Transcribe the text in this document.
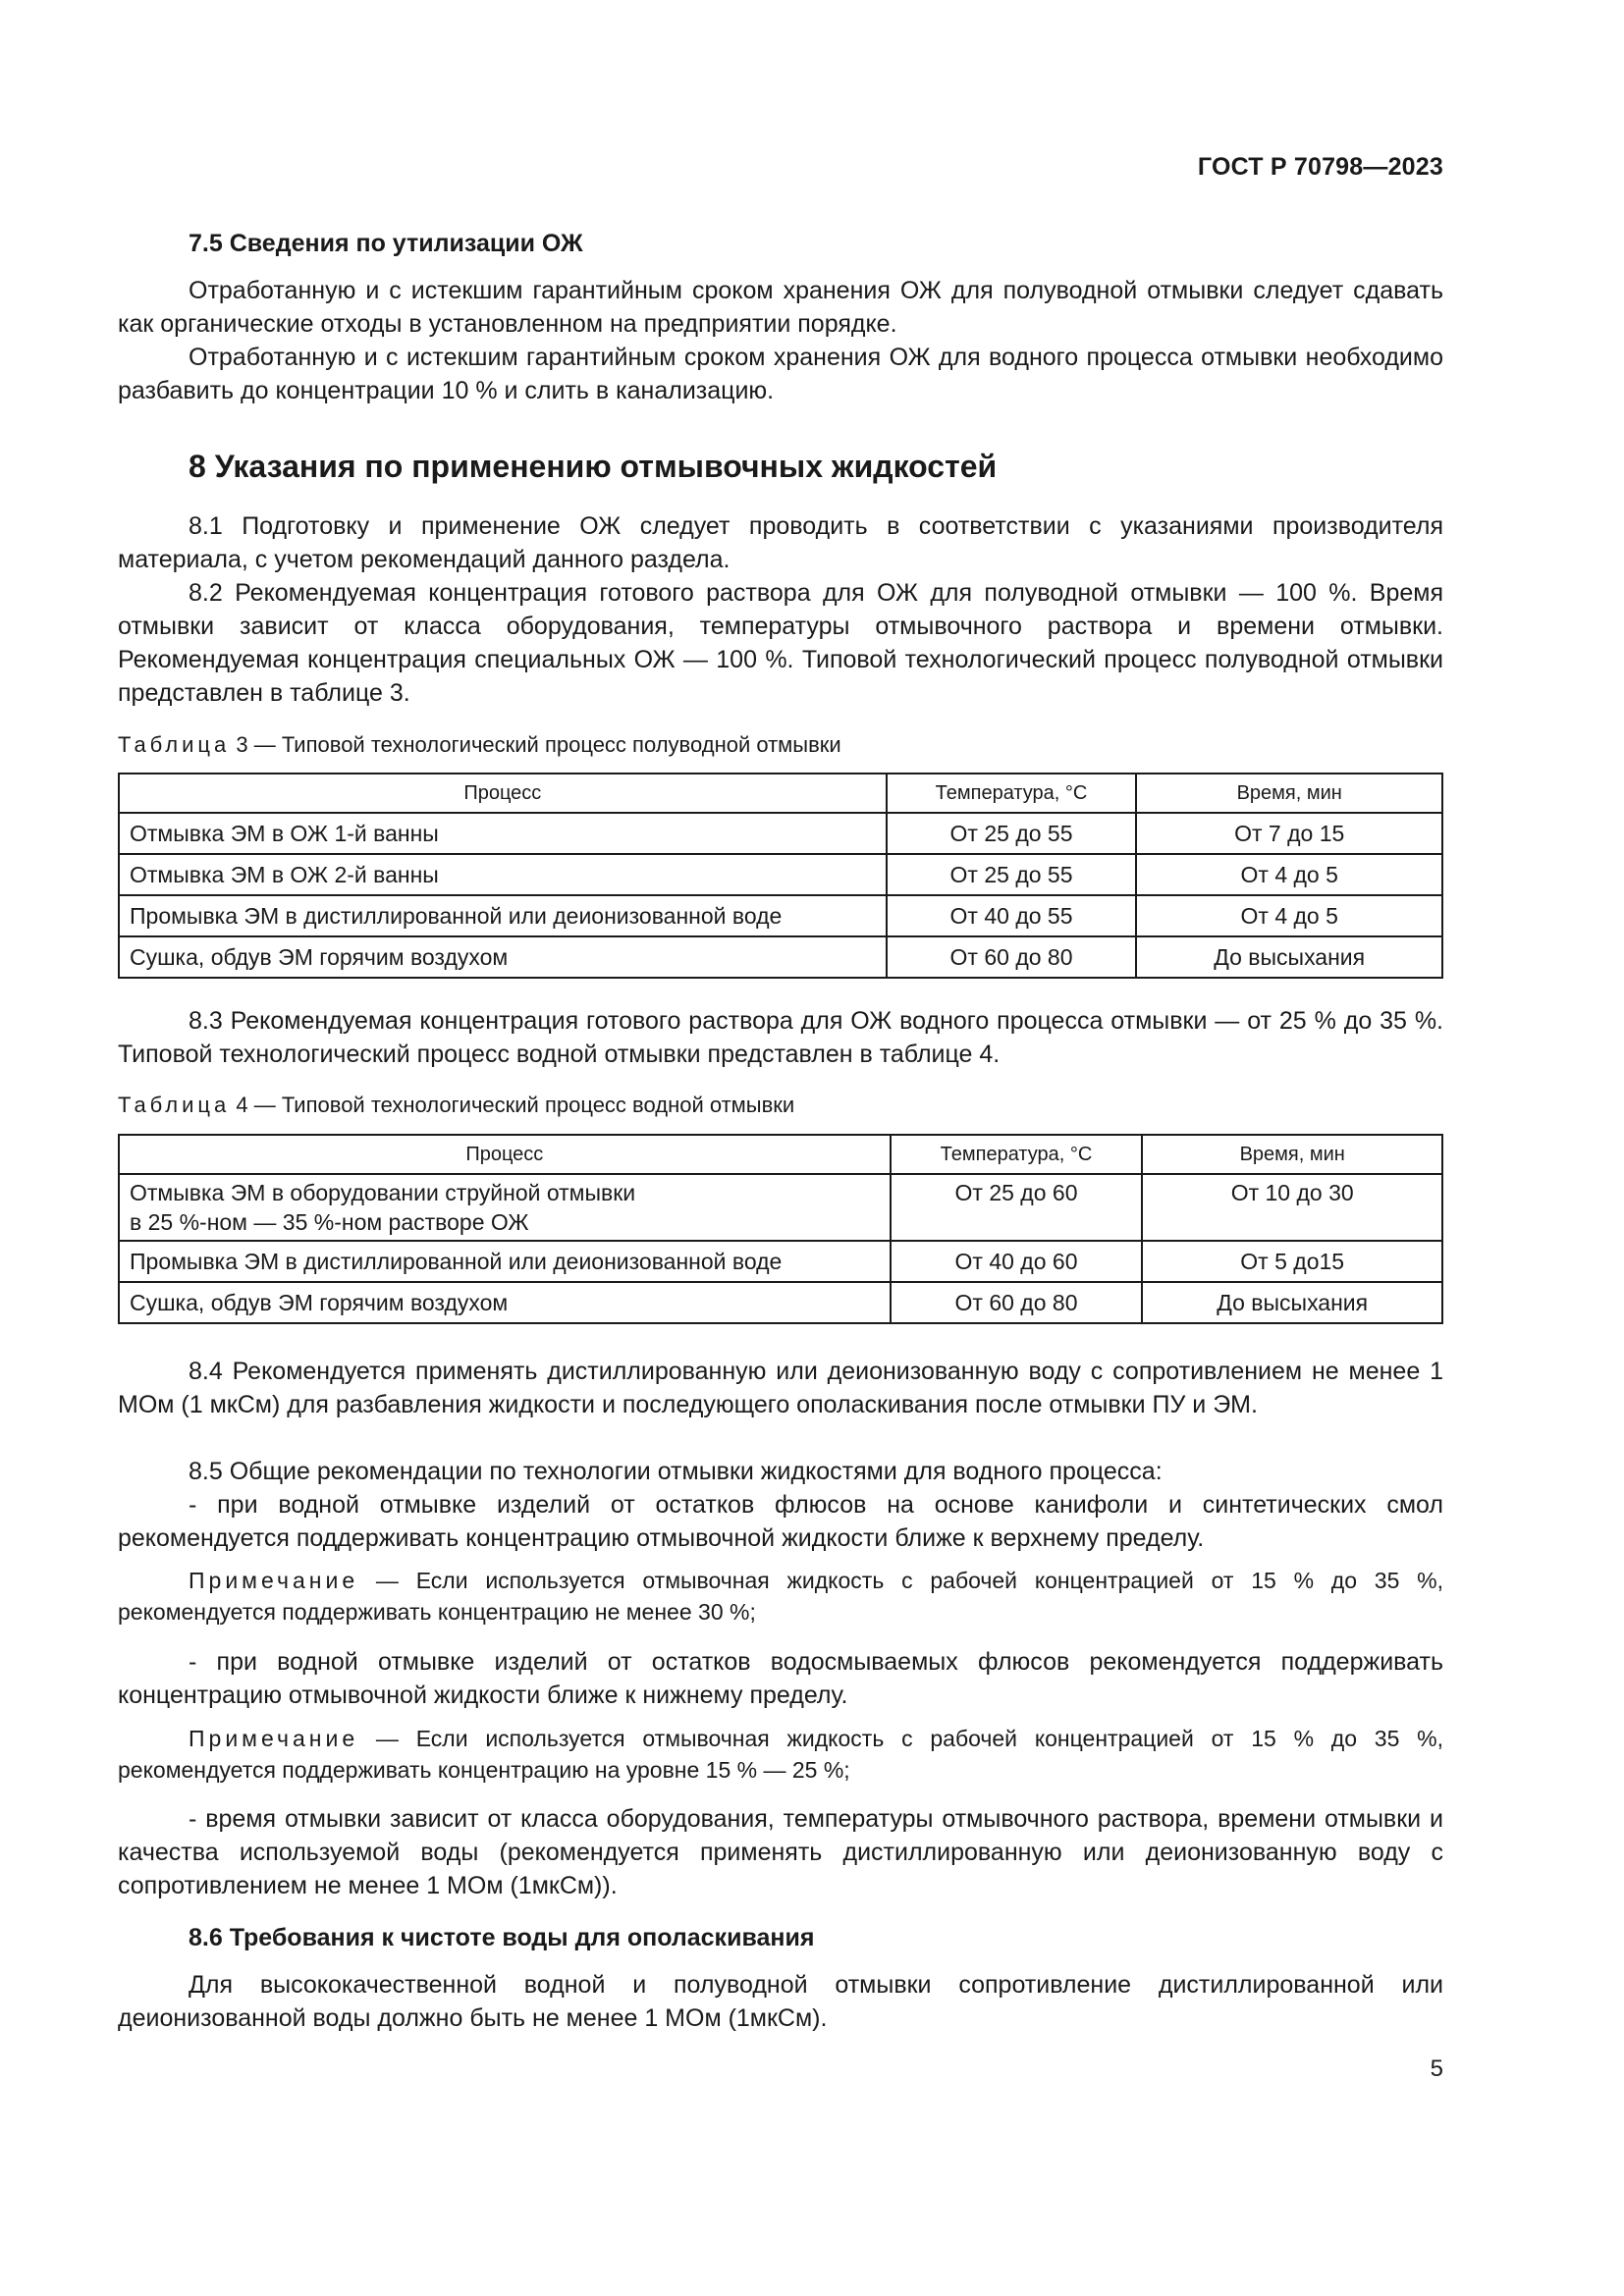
ГОСТ Р 70798—2023
7.5 Сведения по утилизации ОЖ

Отработанную и с истекшим гарантийным сроком хранения ОЖ для полуводной отмывки следует сдавать как органические отходы в установленном на предприятии порядке.

Отработанную и с истекшим гарантийным сроком хранения ОЖ для водного процесса отмывки необходимо разбавить до концентрации 10 % и слить в канализацию.

8 Указания по применению отмывочных жидкостей

8.1 Подготовку и применение ОЖ следует проводить в соответствии с указаниями производителя материала, с учетом рекомендаций данного раздела.

8.2 Рекомендуемая концентрация готового раствора для ОЖ для полуводной отмывки — 100 %. Время отмывки зависит от класса оборудования, температуры отмывочного раствора и времени отмывки. Рекомендуемая концентрация специальных ОЖ — 100 %. Типовой технологический процесс полуводной отмывки представлен в таблице 3.

Таблица 3 — Типовой технологический процесс полуводной отмывки

Процесс	Температура, °С	Время, мин
Отмывка ЭМ в ОЖ 1-й ванны	От 25 до 55	От 7 до 15
Отмывка ЭМ в ОЖ 2-й ванны	От 25 до 55	От 4 до 5
Промывка ЭМ в дистиллированной или деионизованной воде	От 40 до 55	От 4 до 5
Сушка, обдув ЭМ горячим воздухом	От 60 до 80	До высыхания

8.3 Рекомендуемая концентрация готового раствора для ОЖ водного процесса отмывки — от 25 % до 35 %. Типовой технологический процесс водной отмывки представлен в таблице 4.

Таблица 4 — Типовой технологический процесс водной отмывки

Процесс	Температура, °С	Время, мин
Отмывка ЭМ в оборудовании струйной отмывки
в 25 %-ном — 35 %-ном растворе ОЖ	От 25 до 60	От 10 до 30
Промывка ЭМ в дистиллированной или деионизованной воде	От 40 до 60	От 5 до15
Сушка, обдув ЭМ горячим воздухом	От 60 до 80	До высыхания

8.4 Рекомендуется применять дистиллированную или деионизованную воду с сопротивлением не менее 1 МОм (1 мкСм) для разбавления жидкости и последующего ополаскивания после отмывки ПУ и ЭМ.

8.5 Общие рекомендации по технологии отмывки жидкостями для водного процесса:

- при водной отмывке изделий от остатков флюсов на основе канифоли и синтетических смол рекомендуется поддерживать концентрацию отмывочной жидкости ближе к верхнему пределу.

Примечание — Если используется отмывочная жидкость с рабочей концентрацией от 15 % до 35 %, рекомендуется поддерживать концентрацию не менее 30 %;

- при водной отмывке изделий от остатков водосмываемых флюсов рекомендуется поддерживать концентрацию отмывочной жидкости ближе к нижнему пределу.

Примечание — Если используется отмывочная жидкость с рабочей концентрацией от 15 % до 35 %, рекомендуется поддерживать концентрацию на уровне 15 % — 25 %;

- время отмывки зависит от класса оборудования, температуры отмывочного раствора, времени отмывки и качества используемой воды (рекомендуется применять дистиллированную или деионизованную воду с сопротивлением не менее 1 МОм (1мкСм)).

8.6 Требования к чистоте воды для ополаскивания

Для высококачественной водной и полуводной отмывки сопротивление дистиллированной или деионизованной воды должно быть не менее 1 МОм (1мкСм).

5
